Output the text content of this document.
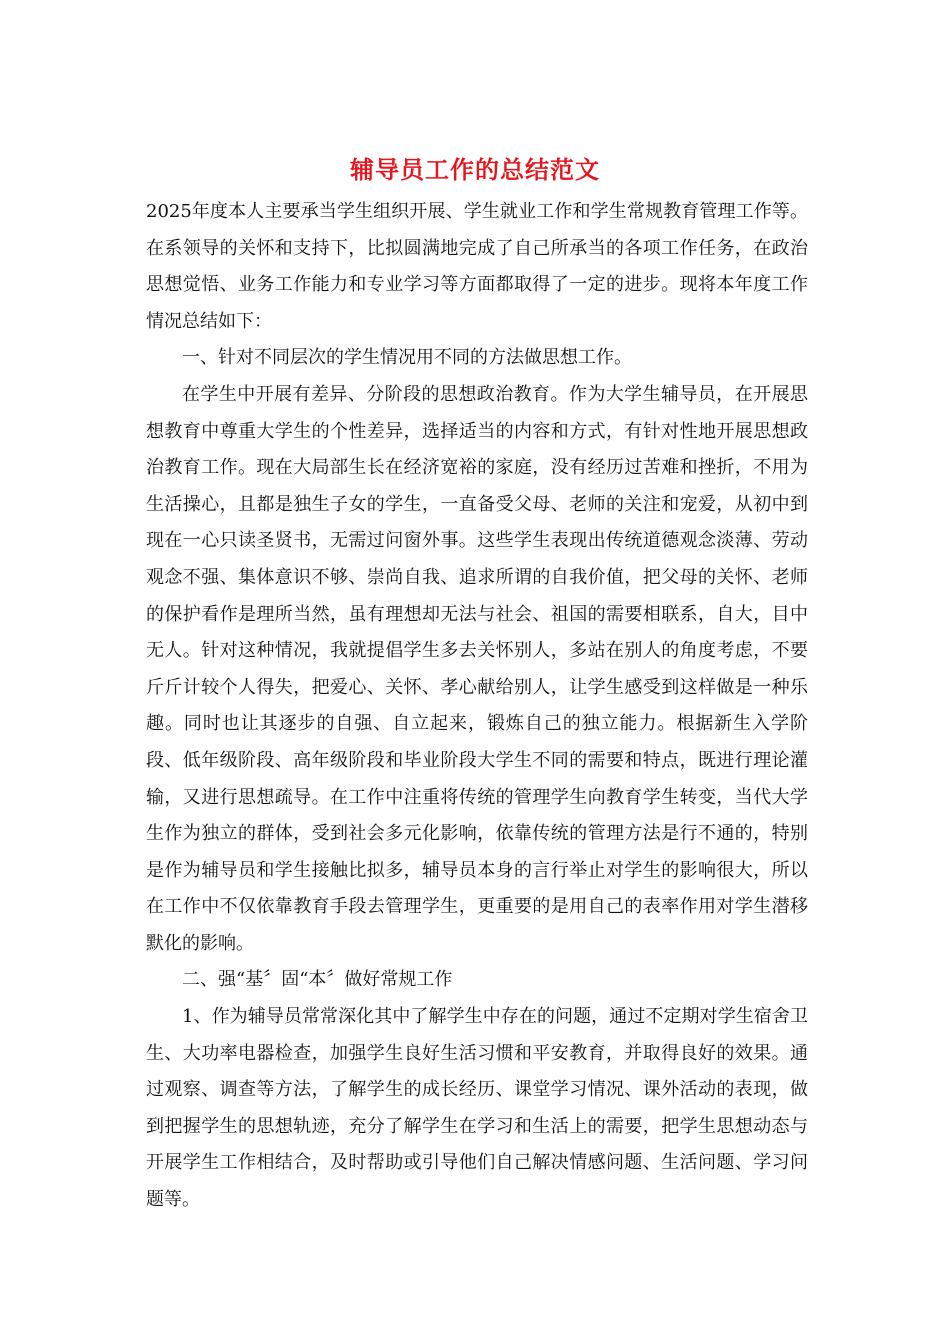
辅导员工作的总结范文

2025年度本人主要承当学生组织开展、学生就业工作和学生常规教育管理工作等。在系领导的关怀和支持下，比拟圆满地完成了自己所承当的各项工作任务，在政治思想觉悟、业务工作能力和专业学习等方面都取得了一定的进步。现将本年度工作情况总结如下：

一、针对不同层次的学生情况用不同的方法做思想工作。

在学生中开展有差异、分阶段的思想政治教育。作为大学生辅导员，在开展思想教育中尊重大学生的个性差异，选择适当的内容和方式，有针对性地开展思想政治教育工作。现在大局部生长在经济宽裕的家庭，没有经历过苦难和挫折，不用为生活操心，且都是独生子女的学生，一直备受父母、老师的关注和宠爱，从初中到现在一心只读圣贤书，无需过问窗外事。这些学生表现出传统道德观念淡薄、劳动观念不强、集体意识不够、崇尚自我、追求所谓的自我价值，把父母的关怀、老师的保护看作是理所当然，虽有理想却无法与社会、祖国的需要相联系，自大，目中无人。针对这种情况，我就提倡学生多去关怀别人，多站在别人的角度考虑，不要斤斤计较个人得失，把爱心、关怀、孝心献给别人，让学生感受到这样做是一种乐趣。同时也让其逐步的自强、自立起来，锻炼自己的独立能力。根据新生入学阶段、低年级阶段、高年级阶段和毕业阶段大学生不同的需要和特点，既进行理论灌输，又进行思想疏导。在工作中注重将传统的管理学生向教育学生转变，当代大学生作为独立的群体，受到社会多元化影响，依靠传统的管理方法是行不通的，特别是作为辅导员和学生接触比拟多，辅导员本身的言行举止对学生的影响很大，所以在工作中不仅依靠教育手段去管理学生，更重要的是用自己的表率作用对学生潜移默化的影响。

二、强“基〞固“本〞做好常规工作

1、作为辅导员常常深化其中了解学生中存在的问题，通过不定期对学生宿舍卫生、大功率电器检查，加强学生良好生活习惯和平安教育，并取得良好的效果。通过观察、调查等方法，了解学生的成长经历、课堂学习情况、课外活动的表现，做到把握学生的思想轨迹，充分了解学生在学习和生活上的需要，把学生思想动态与开展学生工作相结合，及时帮助或引导他们自己解决情感问题、生活问题、学习问题等。
